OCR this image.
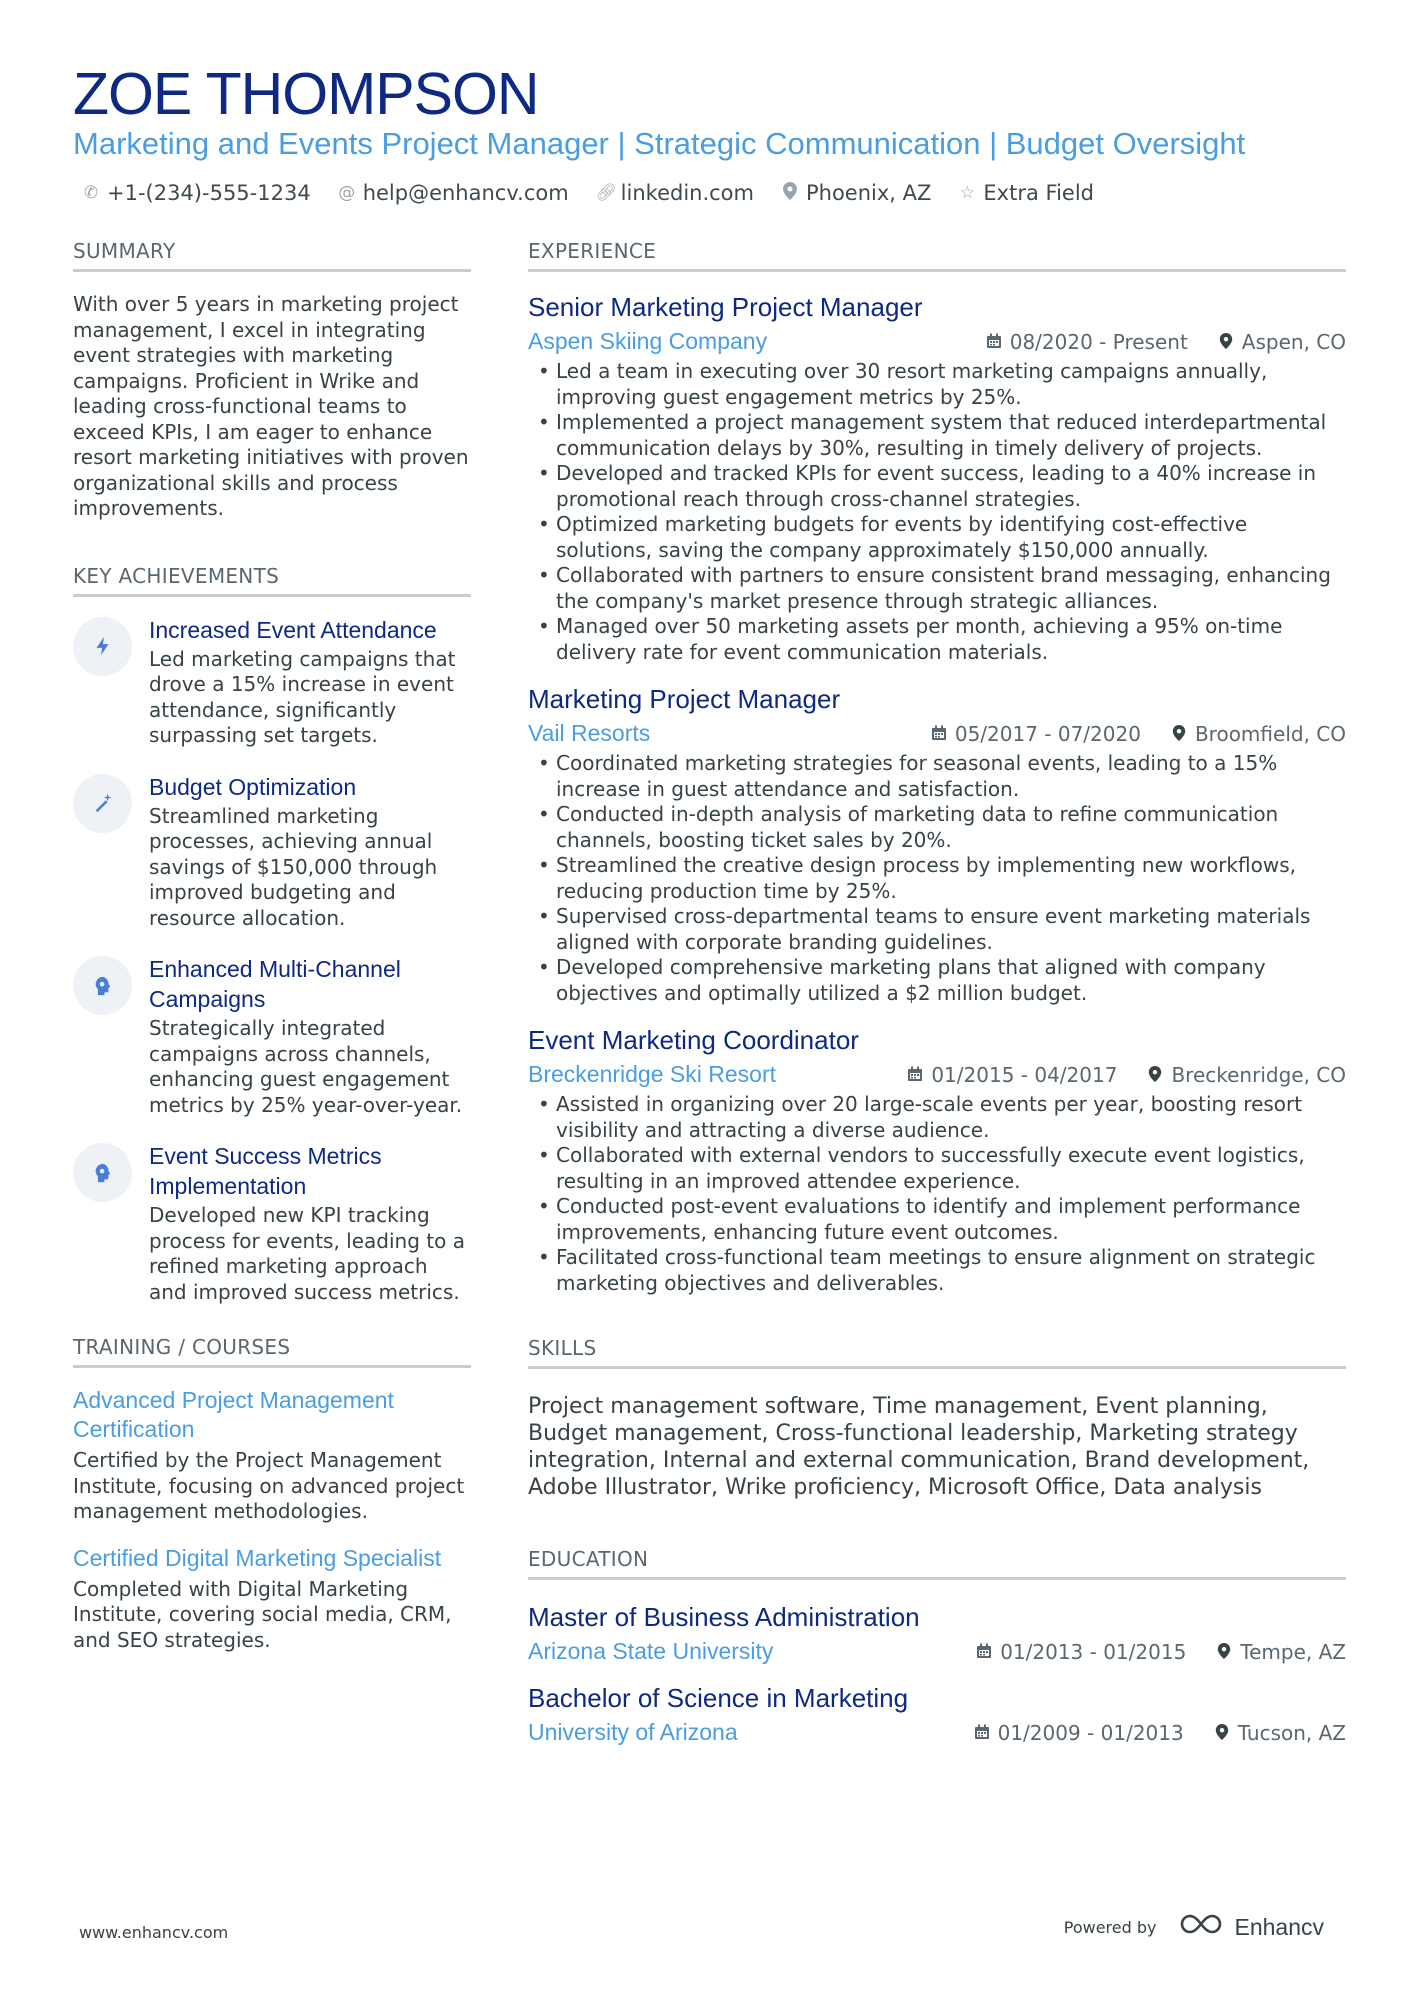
ZOE THOMPSON
Marketing and Events Project Manager | Strategic Communication | Budget Oversight
✆ +1-(234)-555-1234 @ help@enhancv.com 🔗︎ linkedin.com Phoenix, AZ ☆ Extra Field
SUMMARY
With over 5 years in marketing project management, I excel in integrating event strategies with marketing campaigns. Proficient in Wrike and leading cross-functional teams to exceed KPIs, I am eager to enhance resort marketing initiatives with proven organizational skills and process improvements.
KEY ACHIEVEMENTS
Increased Event Attendance
Led marketing campaigns that drove a 15% increase in event attendance, significantly surpassing set targets.
Budget Optimization
Streamlined marketing processes, achieving annual savings of $150,000 through improved budgeting and resource allocation.
Enhanced Multi-Channel Campaigns
Strategically integrated campaigns across channels, enhancing guest engagement metrics by 25% year-over-year.
Event Success Metrics Implementation
Developed new KPI tracking process for events, leading to a refined marketing approach and improved success metrics.
TRAINING / COURSES
Advanced Project Management Certification
Certified by the Project Management Institute, focusing on advanced project management methodologies.
Certified Digital Marketing Specialist
Completed with Digital Marketing Institute, covering social media, CRM, and SEO strategies.
EXPERIENCE
Senior Marketing Project Manager
Aspen Skiing Company	08/2020 - Present	Aspen, CO
• Led a team in executing over 30 resort marketing campaigns annually, improving guest engagement metrics by 25%.
• Implemented a project management system that reduced interdepartmental communication delays by 30%, resulting in timely delivery of projects.
• Developed and tracked KPIs for event success, leading to a 40% increase in promotional reach through cross-channel strategies.
• Optimized marketing budgets for events by identifying cost-effective solutions, saving the company approximately $150,000 annually.
• Collaborated with partners to ensure consistent brand messaging, enhancing the company's market presence through strategic alliances.
• Managed over 50 marketing assets per month, achieving a 95% on-time delivery rate for event communication materials.
Marketing Project Manager
Vail Resorts	05/2017 - 07/2020	Broomfield, CO
• Coordinated marketing strategies for seasonal events, leading to a 15% increase in guest attendance and satisfaction.
• Conducted in-depth analysis of marketing data to refine communication channels, boosting ticket sales by 20%.
• Streamlined the creative design process by implementing new workflows, reducing production time by 25%.
• Supervised cross-departmental teams to ensure event marketing materials aligned with corporate branding guidelines.
• Developed comprehensive marketing plans that aligned with company objectives and optimally utilized a $2 million budget.
Event Marketing Coordinator
Breckenridge Ski Resort	01/2015 - 04/2017	Breckenridge, CO
• Assisted in organizing over 20 large-scale events per year, boosting resort visibility and attracting a diverse audience.
• Collaborated with external vendors to successfully execute event logistics, resulting in an improved attendee experience.
• Conducted post-event evaluations to identify and implement performance improvements, enhancing future event outcomes.
• Facilitated cross-functional team meetings to ensure alignment on strategic marketing objectives and deliverables.
SKILLS
Project management software, Time management, Event planning, Budget management, Cross-functional leadership, Marketing strategy integration, Internal and external communication, Brand development, Adobe Illustrator, Wrike proficiency, Microsoft Office, Data analysis
EDUCATION
Master of Business Administration
Arizona State University	01/2013 - 01/2015	Tempe, AZ
Bachelor of Science in Marketing
University of Arizona	01/2009 - 01/2013	Tucson, AZ
www.enhancv.com	Powered by	Enhancv
